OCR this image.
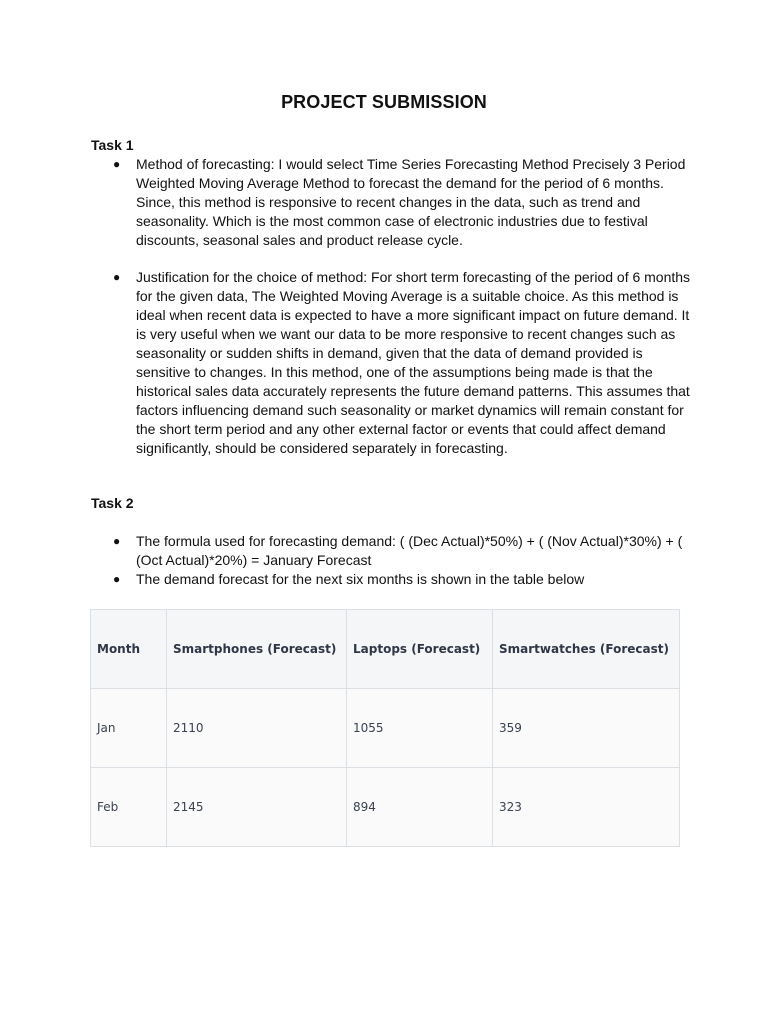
PROJECT SUBMISSION
Task 1
● Method of forecasting: I would select Time Series Forecasting Method Precisely 3 Period Weighted Moving Average Method to forecast the demand for the period of 6 months. Since, this method is responsive to recent changes in the data, such as trend and seasonality. Which is the most common case of electronic industries due to festival discounts, seasonal sales and product release cycle.
● Justification for the choice of method: For short term forecasting of the period of 6 months for the given data, The Weighted Moving Average is a suitable choice. As this method is ideal when recent data is expected to have a more significant impact on future demand. It is very useful when we want our data to be more responsive to recent changes such as seasonality or sudden shifts in demand, given that the data of demand provided is sensitive to changes. In this method, one of the assumptions being made is that the historical sales data accurately represents the future demand patterns. This assumes that factors influencing demand such seasonality or market dynamics will remain constant for the short term period and any other external factor or events that could affect demand significantly, should be considered separately in forecasting.
Task 2
● The formula used for forecasting demand: ( (Dec Actual)*50%) + ( (Nov Actual)*30%) + ( (Oct Actual)*20%) = January Forecast
● The demand forecast for the next six months is shown in the table below
Month	Smartphones (Forecast)	Laptops (Forecast)	Smartwatches (Forecast)
Jan	2110	1055	359
Feb	2145	894	323
